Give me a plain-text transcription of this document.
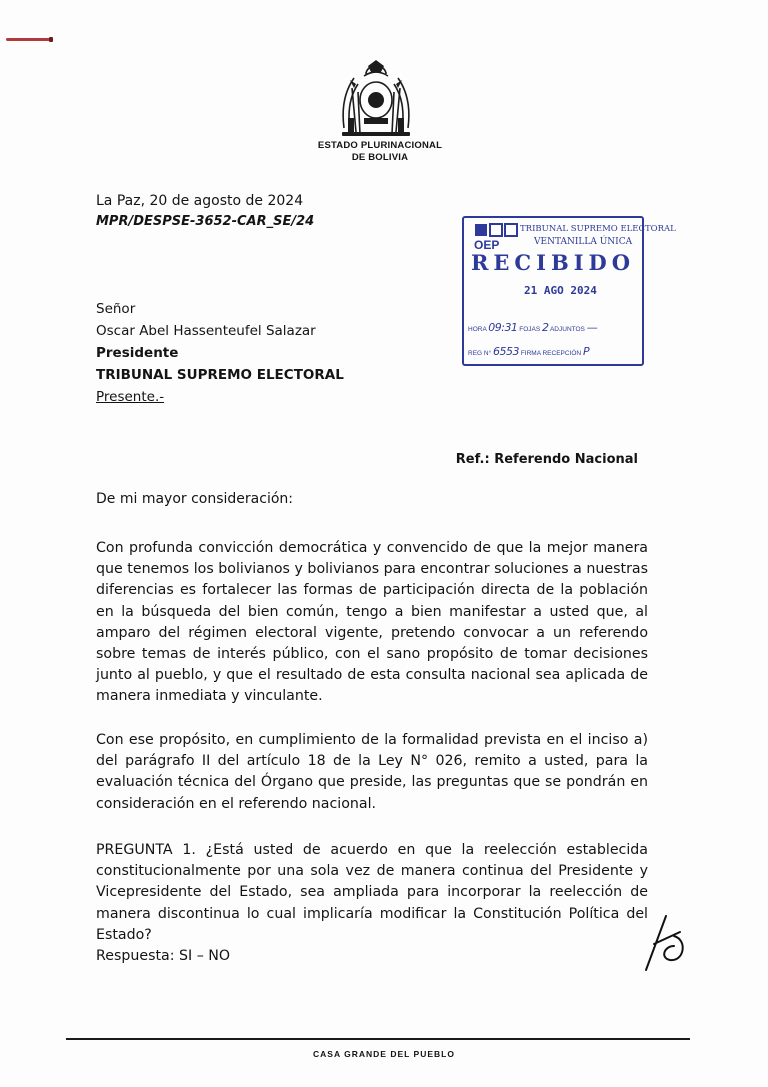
ESTADO PLURINACIONAL
DE BOLIVIA
La Paz, 20 de agosto de 2024
MPR/DESPSE-3652-CAR_SE/24
OEP
TRIBUNAL SUPREMO ELECTORAL
VENTANILLA ÚNICA
RECIBIDO
21 AGO 2024
HORA 09:31 FOJAS 2 ADJUNTOS —
REG N° 6553 FIRMA RECEPCIÓN P
Señor
Oscar Abel Hassenteufel Salazar
Presidente
TRIBUNAL SUPREMO ELECTORAL
Presente.-
Ref.: Referendo Nacional
De mi mayor consideración:
Con profunda convicción democrática y convencido de que la mejor manera que tenemos los bolivianos y bolivianos para encontrar soluciones a nuestras diferencias es fortalecer las formas de participación directa de la población en la búsqueda del bien común, tengo a bien manifestar a usted que, al amparo del régimen electoral vigente, pretendo convocar a un referendo sobre temas de interés público, con el sano propósito de tomar decisiones junto al pueblo, y que el resultado de esta consulta nacional sea aplicada de manera inmediata y vinculante.
Con ese propósito, en cumplimiento de la formalidad prevista en el inciso a) del parágrafo II del artículo 18 de la Ley N° 026, remito a usted, para la evaluación técnica del Órgano que preside, las preguntas que se pondrán en consideración en el referendo nacional.
PREGUNTA 1. ¿Está usted de acuerdo en que la reelección establecida constitucionalmente por una sola vez de manera continua del Presidente y Vicepresidente del Estado, sea ampliada para incorporar la reelección de manera discontinua lo cual implicaría modificar la Constitución Política del Estado?
Respuesta: SI – NO
CASA GRANDE DEL PUEBLO
